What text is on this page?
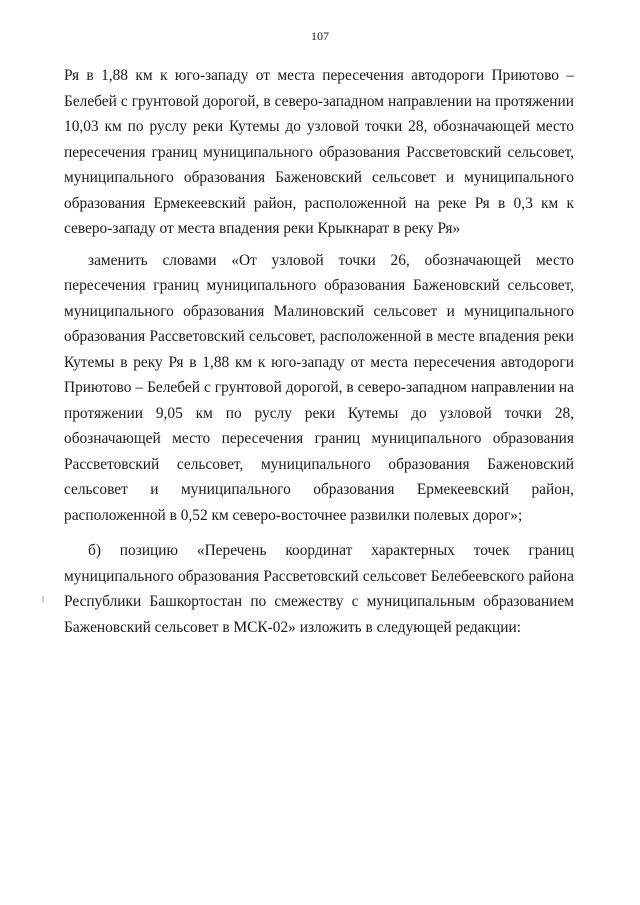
107

Ря в 1,88 км к юго-западу от места пересечения автодороги Приютово – Белебей с грунтовой дорогой, в северо-западном направлении на протяжении 10,03 км по руслу реки Кутемы до узловой точки 28, обозначающей место пересечения границ муниципального образования Рассветовский сельсовет, муниципального образования Баженовский сельсовет и муниципального образования Ермекеевский район, расположенной на реке Ря в 0,3 км к северо-западу от места впадения реки Крыкнарат в реку Ря»

заменить словами «От узловой точки 26, обозначающей место пересечения границ муниципального образования Баженовский сельсовет, муниципального образования Малиновский сельсовет и муниципального образования Рассветовский сельсовет, расположенной в месте впадения реки Кутемы в реку Ря в 1,88 км к юго-западу от места пересечения автодороги Приютово – Белебей с грунтовой дорогой, в северо-западном направлении на протяжении 9,05 км по руслу реки Кутемы до узловой точки 28, обозначающей место пересечения границ муниципального образования Рассветовский сельсовет, муниципального образования Баженовский сельсовет и муниципального образования Ермекеевский район, расположенной в 0,52 км северо-восточнее развилки полевых дорог»;

б) позицию «Перечень координат характерных точек границ муниципального образования Рассветовский сельсовет Белебеевского района Республики Башкортостан по смежеству с муниципальным образованием Баженовский сельсовет в МСК-02» изложить в следующей редакции:
